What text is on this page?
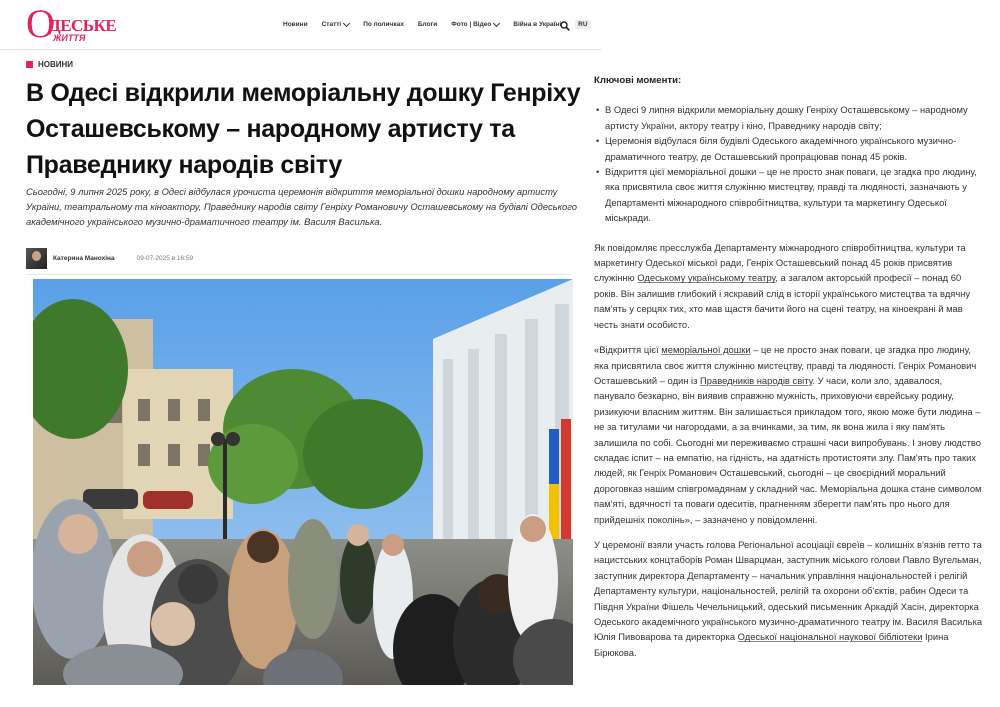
О
ДЕСЬКЕ
ЖИТТЯ
Новини Статті	По поличках Блоги Фото | Відео	Війна в Україні	RU
НОВИНИ
В Одесі відкрили меморіальну дошку Генріху Осташевському – народному артисту та Праведнику народів світу

Сьогодні, 9 липня 2025 року, в Одесі відбулася урочиста церемонія відкриття меморіальної дошки народному артисту України, театральному та кіноактору, Праведнику народів світу Генріху Романовичу Осташевському на будівлі Одеського академічного українського музично-драматичного театру ім. Василя Василька.

Катерина Манохіна	09-07-2025 в 16:59
Ключові моменти:
• В Одесі 9 липня відкрили меморіальну дошку Генріху Осташевському – народному артисту України, актору театру і кіно, Праведнику народів світу;
• Церемонія відбулася біля будівлі Одеського академічного українського музично-драматичного театру, де Осташевський пропрацював понад 45 років.
• Відкриття цієї меморіальної дошки – це не просто знак поваги, це згадка про людину, яка присвятила своє життя служінню мистецтву, правді та людяності, зазначають у Департаменті міжнародного співробітництва, культури та маркетингу Одеської міськради.

Як повідомляє пресслужба Департаменту міжнародного співробітництва, культури та маркетингу Одеської міської ради, Генріх Осташевський понад 45 років присвятив служінню Одеському українському театру, а загалом акторській професії – понад 60 років. Він залишив глибокий і яскравий слід в історії українського мистецтва та вдячну пам'ять у серцях тих, хто мав щастя бачити його на сцені театру, на кіноекрані й мав честь знати особисто.

«Відкриття цієї меморіальної дошки – це не просто знак поваги, це згадка про людину, яка присвятила своє життя служінню мистецтву, правді та людяності. Генріх Романович Осташевський – один із Праведників народів світу. У часи, коли зло, здавалося, панувало безкарно, він виявив справжню мужність, приховуючи єврейську родину, ризикуючи власним життям. Він залишається прикладом того, якою може бути людина – не за титулами чи нагородами, а за вчинками, за тим, як вона жила і яку пам'ять залишила по собі. Сьогодні ми переживаємо страшні часи випробувань. І знову людство складає іспит – на емпатію, на гідність, на здатність протистояти злу. Пам'ять про таких людей, як Генріх Романович Осташевський, сьогодні – це своєрідний моральний дороговказ нашим співгромадянам у складний час. Меморіальна дошка стане символом пам'яті, вдячності та поваги одеситів, прагненням зберегти пам'ять про нього для прийдешніх поколінь», – зазначено у повідомленні.

У церемонії взяли участь голова Регіональної асоціації євреїв – колишніх в'язнів гетто та нацистських концтаборів Роман Шварцман, заступник міського голови Павло Вугельман, заступник директора Департаменту – начальник управління національностей і релігій Департаменту культури, національностей, релігій та охорони об'єктів, рабин Одеси та Півдня України Фішель Чечельницький, одеський письменник Аркадій Хасін, директорка Одеського академічного українського музично-драматичного театру ім. Василя Василька Юлія Пивоварова та директорка Одеської національної наукової бібліотеки Ірина Бірюкова.
